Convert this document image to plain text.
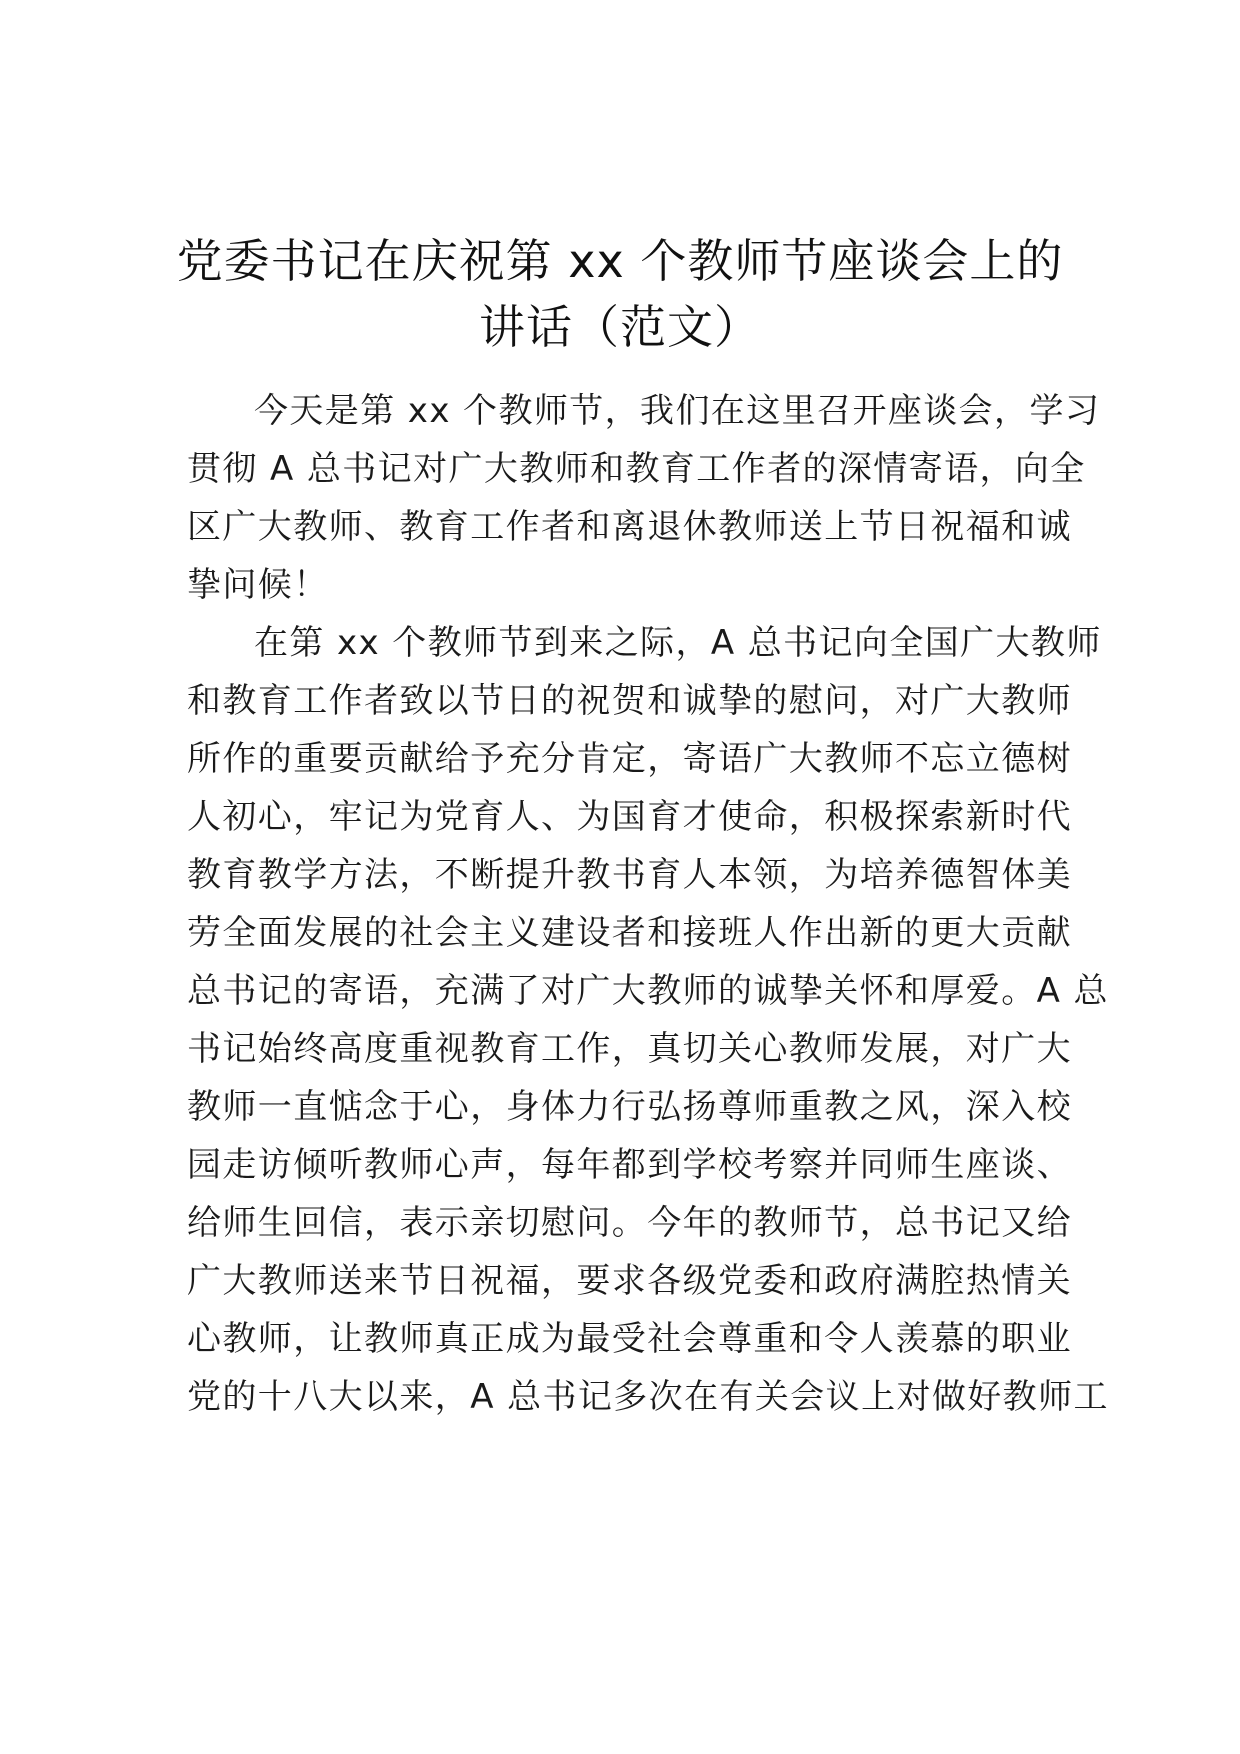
党委书记在庆祝第 xx 个教师节座谈会上的
讲话（范文）
今天是第 xx 个教师节，我们在这里召开座谈会，学习
贯彻 A 总书记对广大教师和教育工作者的深情寄语，向全
区广大教师、教育工作者和离退休教师送上节日祝福和诚
挚问候！
在第 xx 个教师节到来之际，A 总书记向全国广大教师
和教育工作者致以节日的祝贺和诚挚的慰问，对广大教师
所作的重要贡献给予充分肯定，寄语广大教师不忘立德树
人初心，牢记为党育人、为国育才使命，积极探索新时代
教育教学方法，不断提升教书育人本领，为培养德智体美
劳全面发展的社会主义建设者和接班人作出新的更大贡献
总书记的寄语，充满了对广大教师的诚挚关怀和厚爱。A 总
书记始终高度重视教育工作，真切关心教师发展，对广大
教师一直惦念于心，身体力行弘扬尊师重教之风，深入校
园走访倾听教师心声，每年都到学校考察并同师生座谈、
给师生回信，表示亲切慰问。今年的教师节，总书记又给
广大教师送来节日祝福，要求各级党委和政府满腔热情关
心教师，让教师真正成为最受社会尊重和令人羡慕的职业
党的十八大以来，A 总书记多次在有关会议上对做好教师工
